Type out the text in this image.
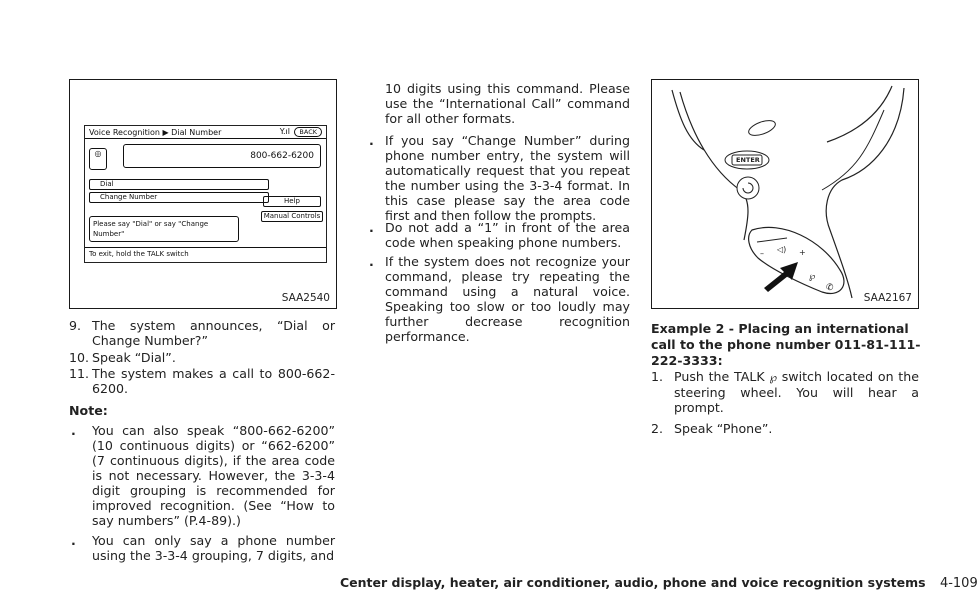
Voice Recognition ▶ Dial Number	Y.ıl	BACK
◎	800-662-6200
Dial
Change Number	Help
Manual Controls
Please say "Dial" or say "Change Number"
To exit, hold the TALK switch
SAA2540
9. The system announces, “Dial or Change Number?”
10. Speak “Dial”.
11. The system makes a call to 800-662-6200.
Note:
. You can also speak “800-662-6200” (10 continuous digits) or “662-6200” (7 continuous digits), if the area code is not necessary. However, the 3-3-4 digit grouping is recommended for improved recognition. (See “How to say numbers” (P.4-89).)
. You can only say a phone number using the 3-3-4 grouping, 7 digits, and
10 digits using this command. Please use the “International Call” command for all other formats.
. If you say “Change Number” during phone number entry, the system will automatically request that you repeat the number using the 3-3-4 format. In this case please say the area code first and then follow the prompts.
. Do not add a “1” in front of the area code when speaking phone numbers.
. If the system does not recognize your command, please try repeating the command using a natural voice. Speaking too slow or too loudly may further decrease recognition performance.
– ◁) +
℘
✆
ENTER
SAA2167
Example 2 - Placing an international call to the phone number 011-81-111-222-3333:
1. Push the TALK ℘ switch located on the steering wheel. You will hear a prompt.
2. Speak “Phone”.
Center display, heater, air conditioner, audio, phone and voice recognition systems 4-109
